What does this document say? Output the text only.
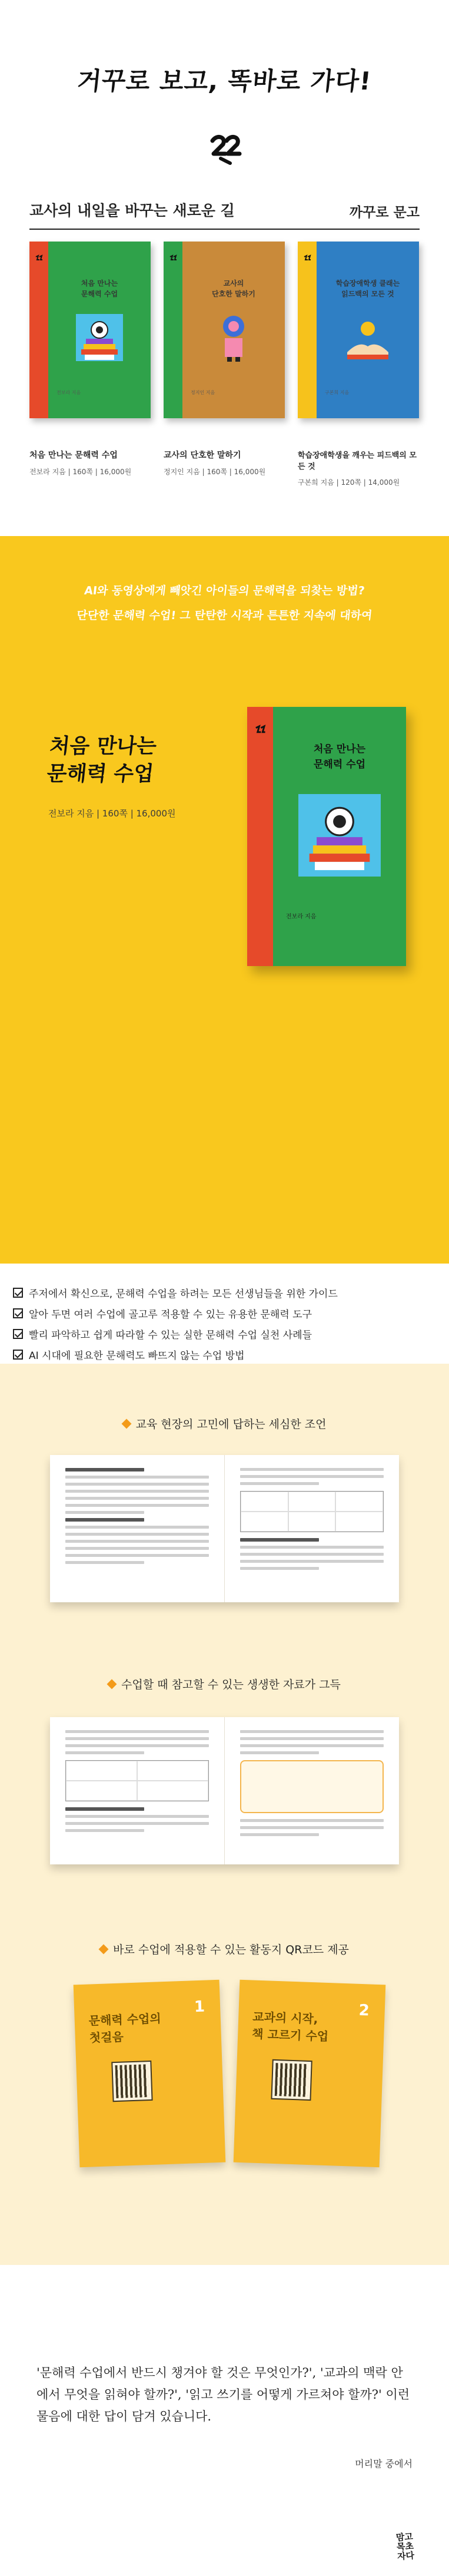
거꾸로 보고, 똑바로 가다!
교사의 내일을 바꾸는 새로운 길	까꾸로 문고
처음 만나는
문해력 수업
전보라 지음
교사의
단호한 말하기
정지인 지음
학습장애학생 클래는
읽드백의 모든 것
구본희 지음
처음 만나는 문해력 수업
전보라 지음 | 160쪽 | 16,000원
교사의 단호한 말하기
정지인 지음 | 160쪽 | 16,000원
학습장애학생을 깨우는 피드백의 모든 것
구본희 지음 | 120쪽 | 14,000원
AI와 동영상에게 빼앗긴 아이들의 문해력을 되찾는 방법?
단단한 문해력 수업! 그 탄탄한 시작과 튼튼한 지속에 대하여
처음 만나는
문해력 수업
전보라 지음 | 160쪽 | 16,000원
처음 만나는
문해력 수업
전보라 지음
주저에서 확신으로, 문해력 수업을 하려는 모든 선생님들을 위한 가이드
알아 두면 여러 수업에 골고루 적용할 수 있는 유용한 문해력 도구
빨리 파악하고 쉽게 따라할 수 있는 실한 문해력 수업 실천 사례들
AI 시대에 필요한 문해력도 빠뜨지 않는 수업 방법
교육 현장의 고민에 답하는 세심한 조언
수업할 때 참고할 수 있는 생생한 자료가 그득
바로 수업에 적용할 수 있는 활동지 QR코드 제공
1
문해력 수업의
첫걸음
2
교과의 시작,
책 고르기 수업
'문해력 수업에서 반드시 챙겨야 할 것은 무엇인가?', '교과의 맥락 안에서 무엇을 읽혀야 할까?', '읽고 쓰기를 어떻게 가르쳐야 할까?' 이런 물음에 대한 답이 담겨 있습니다.
머리말 중에서
맘고
목초
자다
